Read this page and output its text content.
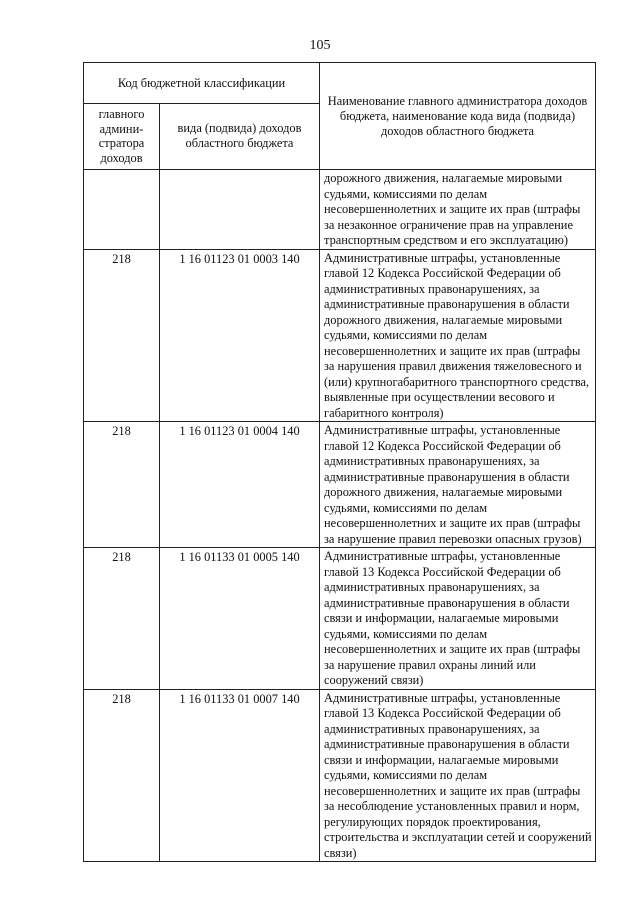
105
Код бюджетной классификации		Наименование главного администратора доходов бюджета, наименование кода вида (подвида) доходов областного бюджета
главного админи-стратора доходов	вида (подвида) доходов областного бюджета	
		дорожного движения, налагаемые мировыми судьями, комиссиями по делам несовершеннолетних и защите их прав (штрафы за незаконное ограничение прав на управление транспортным средством и его эксплуатацию)
218	1 16 01123 01 0003 140	Административные штрафы, установленные главой 12 Кодекса Российской Федерации об административных правонарушениях, за административные правонарушения в области дорожного движения, налагаемые мировыми судьями, комиссиями по делам несовершеннолетних и защите их прав (штрафы за нарушения правил движения тяжеловесного и (или) крупногабаритного транспортного средства, выявленные при осуществлении весового и габаритного контроля)
218	1 16 01123 01 0004 140	Административные штрафы, установленные главой 12 Кодекса Российской Федерации об административных правонарушениях, за административные правонарушения в области дорожного движения, налагаемые мировыми судьями, комиссиями по делам несовершеннолетних и защите их прав (штрафы за нарушение правил перевозки опасных грузов)
218	1 16 01133 01 0005 140	Административные штрафы, установленные главой 13 Кодекса Российской Федерации об административных правонарушениях, за административные правонарушения в области связи и информации, налагаемые мировыми судьями, комиссиями по делам несовершеннолетних и защите их прав (штрафы за нарушение правил охраны линий или сооружений связи)
218	1 16 01133 01 0007 140	Административные штрафы, установленные главой 13 Кодекса Российской Федерации об административных правонарушениях, за административные правонарушения в области связи и информации, налагаемые мировыми судьями, комиссиями по делам несовершеннолетних и защите их прав (штрафы за несоблюдение установленных правил и норм, регулирующих порядок проектирования, строительства и эксплуатации сетей и сооружений связи)
